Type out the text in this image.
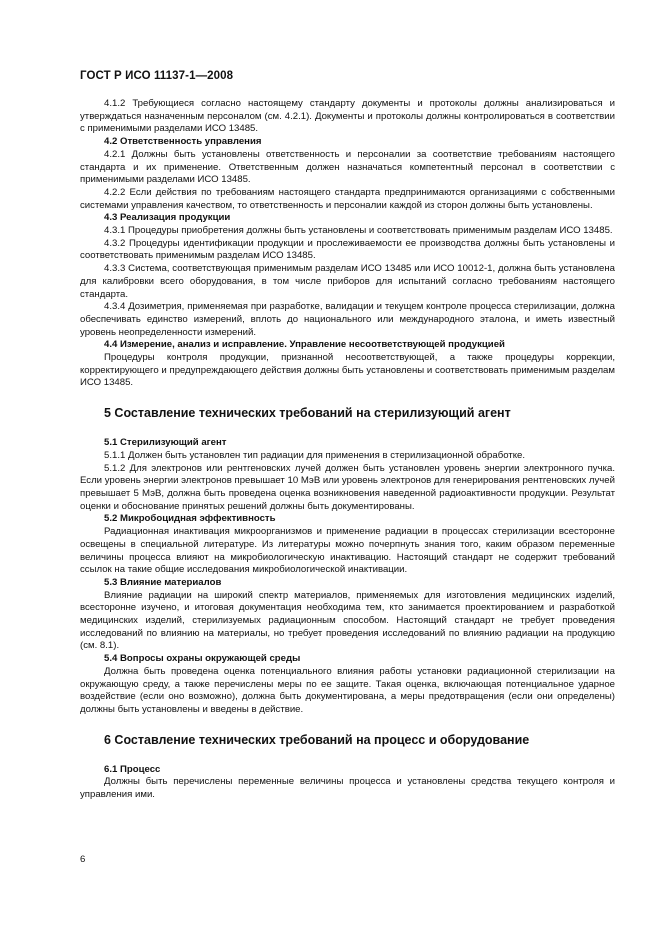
ГОСТ Р ИСО 11137-1—2008

4.1.2 Требующиеся согласно настоящему стандарту документы и протоколы должны анализироваться и утверждаться назначенным персоналом (см. 4.2.1). Документы и протоколы должны контролироваться в соответствии с применимыми разделами ИСО 13485.

4.2 Ответственность управления

4.2.1 Должны быть установлены ответственность и персоналии за соответствие требованиям настоящего стандарта и их применение. Ответственным должен назначаться компетентный персонал в соответствии с применимыми разделами ИСО 13485.

4.2.2 Если действия по требованиям настоящего стандарта предпринимаются организациями с собственными системами управления качеством, то ответственность и персоналии каждой из сторон должны быть установлены.

4.3 Реализация продукции

4.3.1 Процедуры приобретения должны быть установлены и соответствовать применимым разделам ИСО 13485.

4.3.2 Процедуры идентификации продукции и прослеживаемости ее производства должны быть установлены и соответствовать применимым разделам ИСО 13485.

4.3.3 Система, соответствующая применимым разделам ИСО 13485 или ИСО 10012-1, должна быть установлена для калибровки всего оборудования, в том числе приборов для испытаний согласно требованиям настоящего стандарта.

4.3.4 Дозиметрия, применяемая при разработке, валидации и текущем контроле процесса стерилизации, должна обеспечивать единство измерений, вплоть до национального или международного эталона, и иметь известный уровень неопределенности измерений.

4.4 Измерение, анализ и исправление. Управление несоответствующей продукцией

Процедуры контроля продукции, признанной несоответствующей, а также процедуры коррекции, корректирующего и предупреждающего действия должны быть установлены и соответствовать применимым разделам ИСО 13485.

5 Составление технических требований на стерилизующий агент

5.1 Стерилизующий агент

5.1.1 Должен быть установлен тип радиации для применения в стерилизационной обработке.

5.1.2 Для электронов или рентгеновских лучей должен быть установлен уровень энергии электронного пучка. Если уровень энергии электронов превышает 10 МэВ или уровень электронов для генерирования рентгеновских лучей превышает 5 МэВ, должна быть проведена оценка возникновения наведенной радиоактивности продукции. Результат оценки и обоснование принятых решений должны быть документированы.

5.2 Микробоцидная эффективность

Радиационная инактивация микроорганизмов и применение радиации в процессах стерилизации всесторонне освещены в специальной литературе. Из литературы можно почерпнуть знания того, каким образом переменные величины процесса влияют на микробиологическую инактивацию. Настоящий стандарт не содержит требований ссылок на такие общие исследования микробиологической инактивации.

5.3 Влияние материалов

Влияние радиации на широкий спектр материалов, применяемых для изготовления медицинских изделий, всесторонне изучено, и итоговая документация необходима тем, кто занимается проектированием и разработкой медицинских изделий, стерилизуемых радиационным способом. Настоящий стандарт не требует проведения исследований по влиянию на материалы, но требует проведения исследований по влиянию радиации на продукцию (см. 8.1).

5.4 Вопросы охраны окружающей среды

Должна быть проведена оценка потенциального влияния работы установки радиационной стерилизации на окружающую среду, а также перечислены меры по ее защите. Такая оценка, включающая потенциальное ударное воздействие (если оно возможно), должна быть документирована, а меры предотвращения (если они определены) должны быть установлены и введены в действие.

6 Составление технических требований на процесс и оборудование

6.1 Процесс

Должны быть перечислены переменные величины процесса и установлены средства текущего контроля и управления ими.

6
